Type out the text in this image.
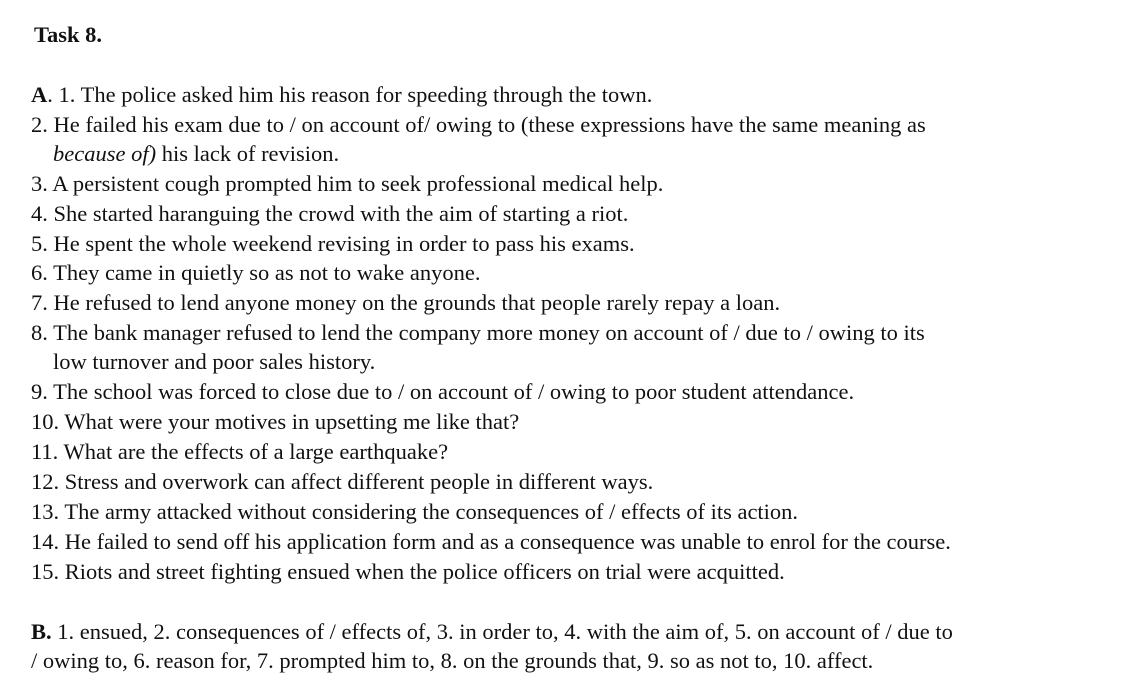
Task 8.
A. 1. The police asked him his reason for speeding through the town.
2. He failed his exam due to / on account of/ owing to (these expressions have the same meaning as
because of) his lack of revision.
3. A persistent cough prompted him to seek professional medical help.
4. She started haranguing the crowd with the aim of starting a riot.
5. He spent the whole weekend revising in order to pass his exams.
6. They came in quietly so as not to wake anyone.
7. He refused to lend anyone money on the grounds that people rarely repay a loan.
8. The bank manager refused to lend the company more money on account of / due to / owing to its
low turnover and poor sales history.
9. The school was forced to close due to / on account of / owing to poor student attendance.
10. What were your motives in upsetting me like that?
11. What are the effects of a large earthquake?
12. Stress and overwork can affect different people in different ways.
13. The army attacked without considering the consequences of / effects of its action.
14. He failed to send off his application form and as a consequence was unable to enrol for the course.
15. Riots and street fighting ensued when the police officers on trial were acquitted.
B. 1. ensued, 2. consequences of / effects of, 3. in order to, 4. with the aim of, 5. on account of / due to
/ owing to, 6. reason for, 7. prompted him to, 8. on the grounds that, 9. so as not to, 10. affect.
